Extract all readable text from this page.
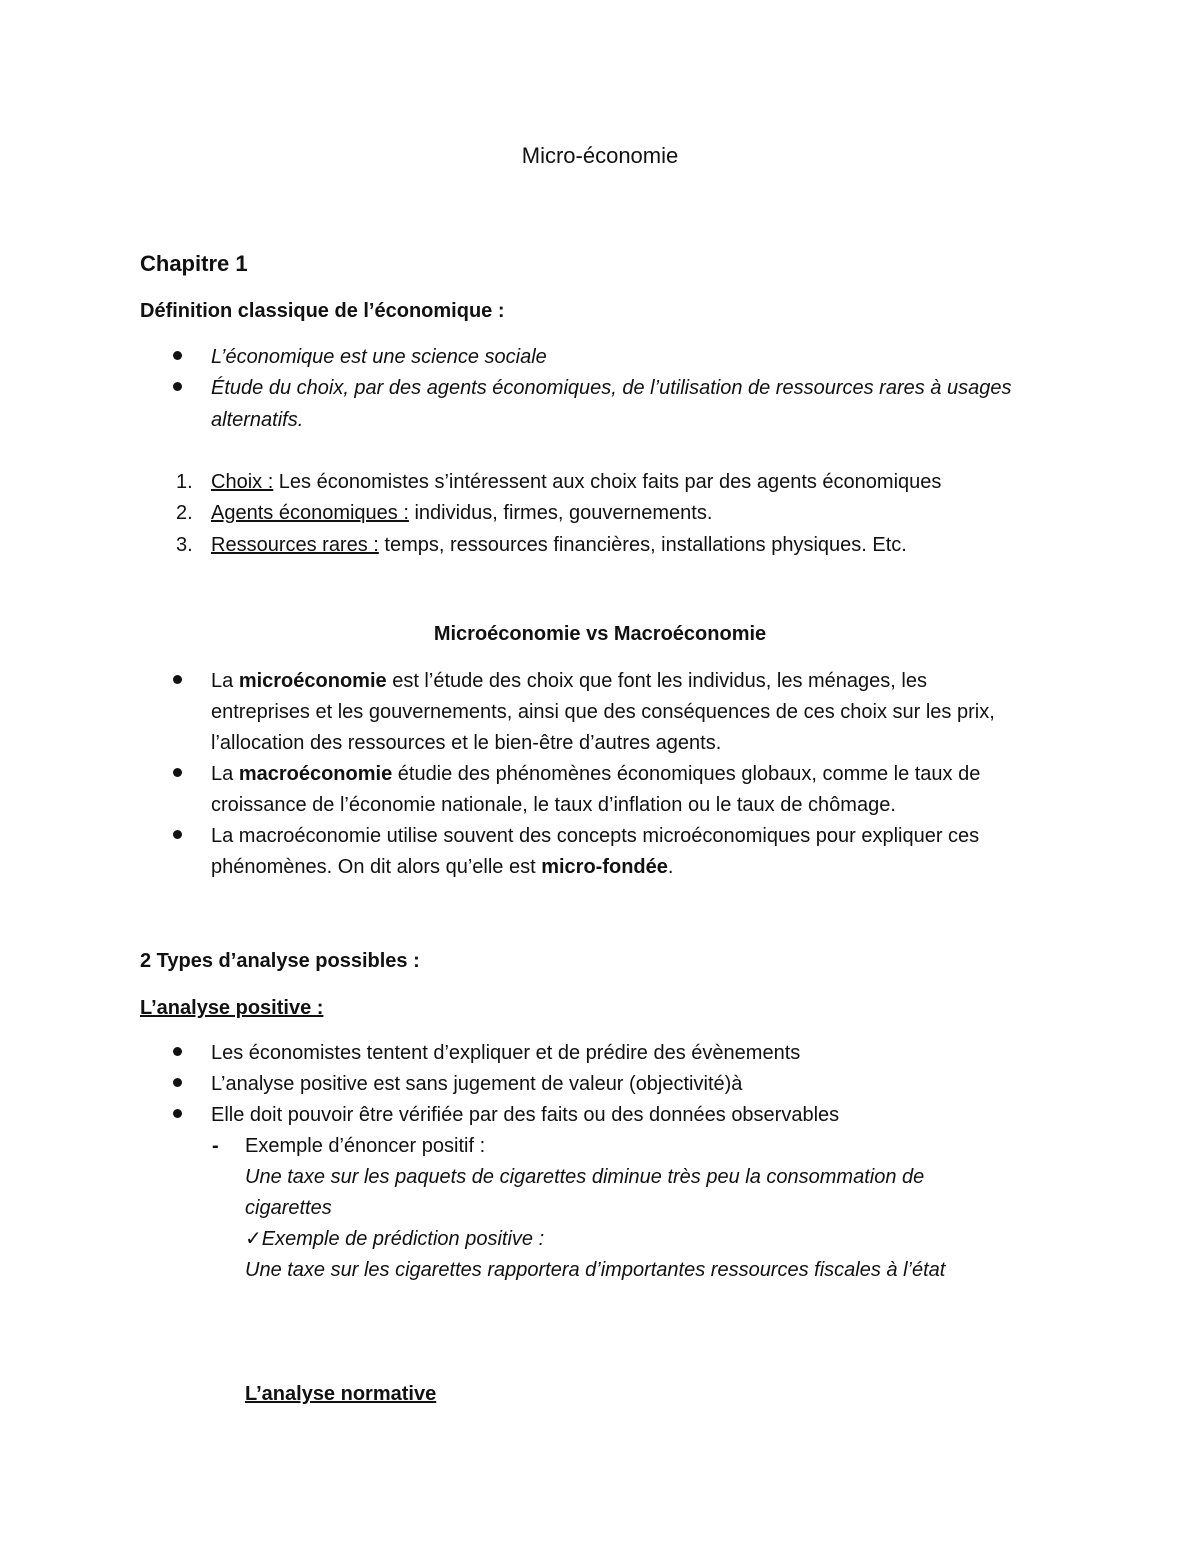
Micro-économie
Chapitre 1
Définition classique de l’économique :
L’économique est une science sociale
Étude du choix, par des agents économiques, de l’utilisation de ressources rares à usages
alternatifs.
1. Choix : Les économistes s’intéressent aux choix faits par des agents économiques
2. Agents économiques : individus, firmes, gouvernements.
3. Ressources rares : temps, ressources financières, installations physiques. Etc.
Microéconomie vs Macroéconomie
La microéconomie est l’étude des choix que font les individus, les ménages, les
entreprises et les gouvernements, ainsi que des conséquences de ces choix sur les prix,
l’allocation des ressources et le bien-être d’autres agents.
La macroéconomie étudie des phénomènes économiques globaux, comme le taux de
croissance de l’économie nationale, le taux d’inflation ou le taux de chômage.
La macroéconomie utilise souvent des concepts microéconomiques pour expliquer ces
phénomènes. On dit alors qu’elle est micro-fondée.
2 Types d’analyse possibles :
L’analyse positive :
Les économistes tentent d’expliquer et de prédire des évènements
L’analyse positive est sans jugement de valeur (objectivité)à
Elle doit pouvoir être vérifiée par des faits ou des données observables
- Exemple d’énoncer positif :
Une taxe sur les paquets de cigarettes diminue très peu la consommation de
cigarettes
✓Exemple de prédiction positive :
Une taxe sur les cigarettes rapportera d’importantes ressources fiscales à l’état
L’analyse normative
